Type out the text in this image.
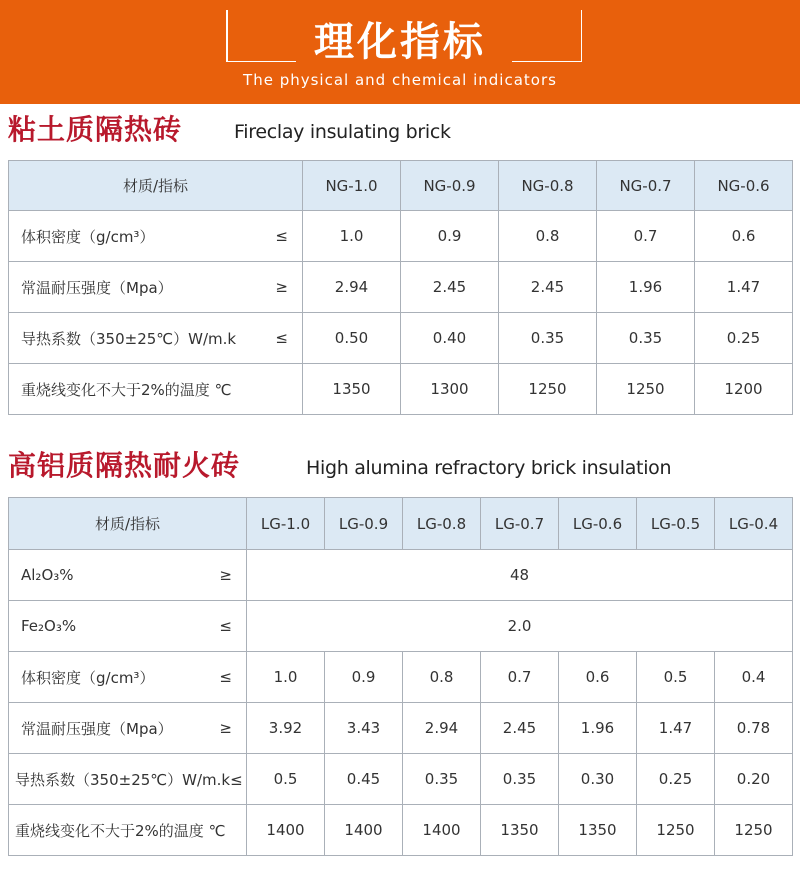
理化指标
The physical and chemical indicators
粘土质隔热砖	Fireclay insulating brick
材质/指标	NG-1.0	NG-0.9	NG-0.8	NG-0.7	NG-0.6
体积密度（g/cm³） ≤	1.0	0.9	0.8	0.7	0.6
常温耐压强度（Mpa） ≥	2.94	2.45	2.45	1.96	1.47
导热系数（350±25℃）W/m.k ≤	0.50	0.40	0.35	0.35	0.25
重烧线变化不大于2%的温度 ℃	1350	1300	1250	1250	1200
高铝质隔热耐火砖	High alumina refractory brick insulation
材质/指标	LG-1.0	LG-0.9	LG-0.8	LG-0.7	LG-0.6	LG-0.5	LG-0.4
Al₂O₃% ≥	48						
Fe₂O₃% ≤	2.0						
体积密度（g/cm³） ≤	1.0	0.9	0.8	0.7	0.6	0.5	0.4
常温耐压强度（Mpa） ≥	3.92	3.43	2.94	2.45	1.96	1.47	0.78
导热系数（350±25℃）W/m.k≤	0.5	0.45	0.35	0.35	0.30	0.25	0.20
重烧线变化不大于2%的温度 ℃	1400	1400	1400	1350	1350	1250	1250
